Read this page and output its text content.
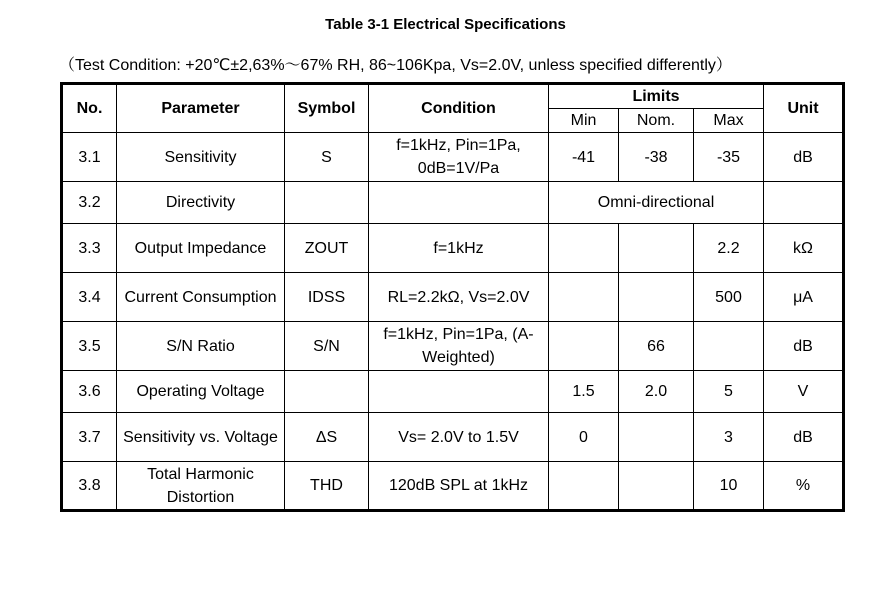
Table 3-1 Electrical Specifications
（Test Condition: +20℃±2,63%～67% RH, 86~106Kpa, Vs=2.0V, unless specified differently）
No.	Parameter	Symbol	Condition	Limits			Unit
				Min	Nom.	Max	
3.1	Sensitivity	S	f=1kHz, Pin=1Pa, 0dB=1V/Pa	-41	-38	-35	dB
3.2	Directivity			Omni-directional			
3.3	Output Impedance	ZOUT	f=1kHz			2.2	kΩ
3.4	Current Consumption	IDSS	RL=2.2kΩ, Vs=2.0V			500	μA
3.5	S/N Ratio	S/N	f=1kHz, Pin=1Pa, (A-Weighted)		66		dB
3.6	Operating Voltage			1.5	2.0	5	V
3.7	Sensitivity vs. Voltage	ΔS	Vs= 2.0V to 1.5V	0		3	dB
3.8	Total Harmonic Distortion	THD	120dB SPL at 1kHz			10	%
